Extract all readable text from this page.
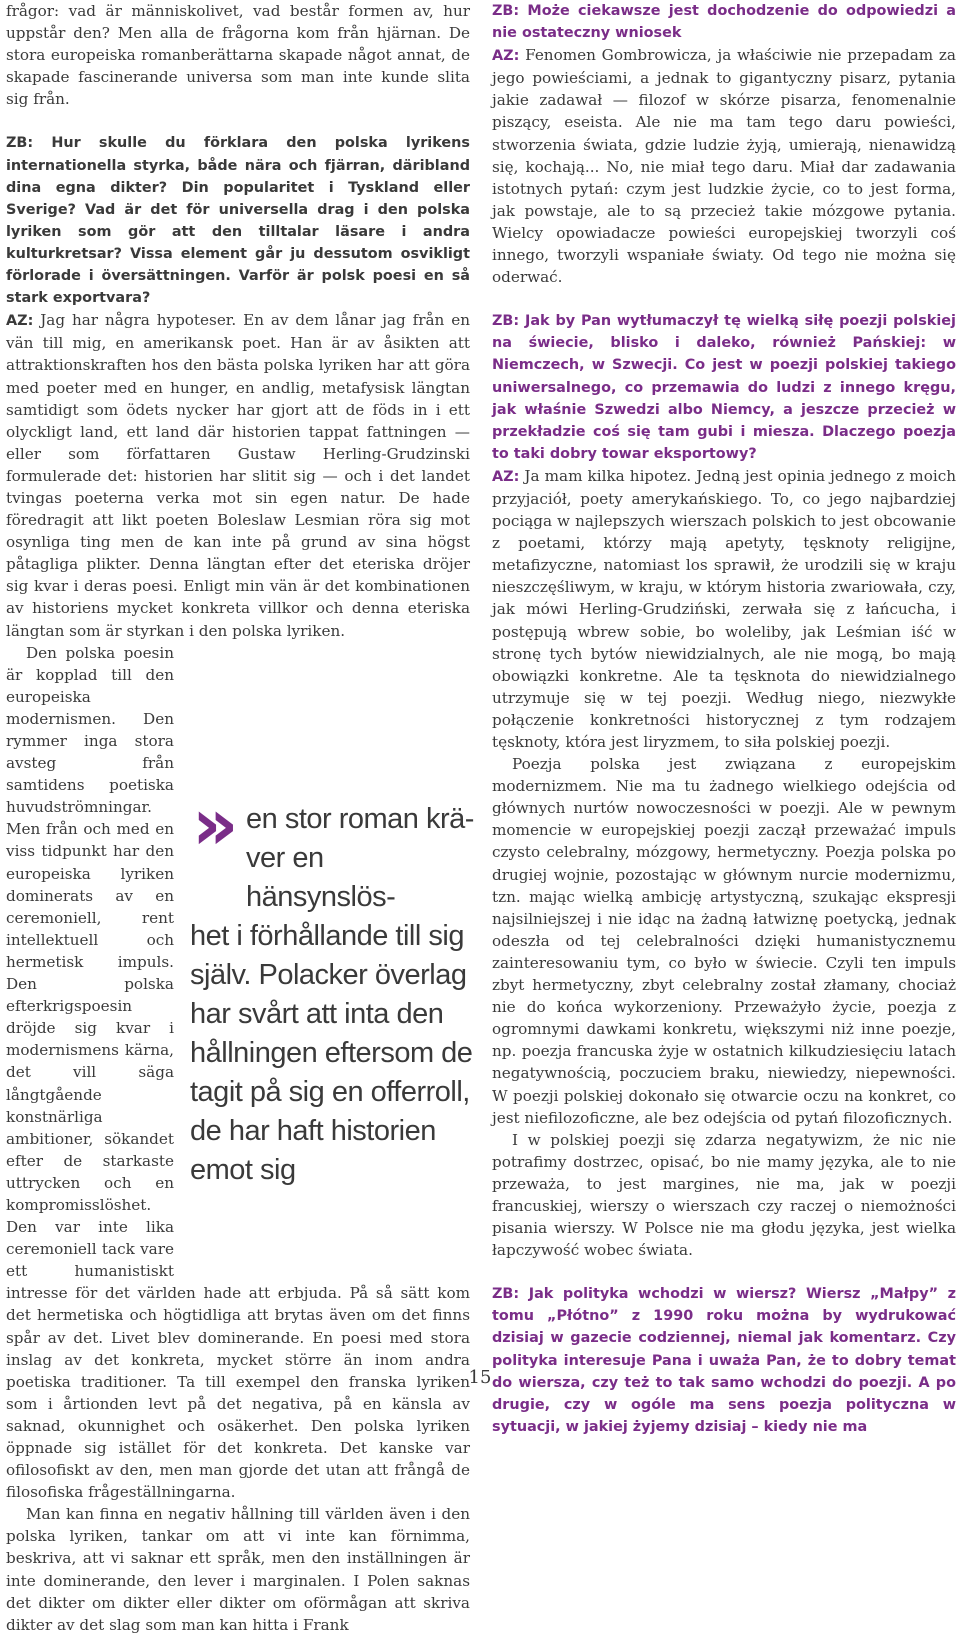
frågor: vad är människolivet, vad består formen av, hur uppstår den? Men alla de frågorna kom från hjärnan. De stora europeiska romanberättarna skapade något annat, de skapade fascinerande universa som man inte kunde slita sig från.

ZB: Hur skulle du förklara den polska lyrikens internationella styrka, både nära och fjärran, däribland dina egna dikter? Din popularitet i Tyskland eller Sverige? Vad är det för universella drag i den polska lyriken som gör att den tilltalar läsare i andra kulturkretsar? Vissa element går ju dessutom osvikligt förlorade i översättningen. Varför är polsk poesi en så stark exportvara?

AZ: Jag har några hypoteser. En av dem lånar jag från en vän till mig, en amerikansk poet. Han är av åsikten att attraktionskraften hos den bästa polska lyriken har att göra med poeter med en hunger, en andlig, metafysisk längtan samtidigt som ödets nycker har gjort att de föds in i ett olyckligt land, ett land där historien tappat fattningen — eller som författaren Gustaw Herling-Grudzinski formulerade det: historien har slitit sig — och i det landet tvingas poeterna verka mot sin egen natur. De hade föredragit att likt poeten Boleslaw Lesmian röra sig mot osynliga ting men de kan inte på grund av sina högst påtagliga plikter. Denna längtan efter det eteriska dröjer sig kvar i deras poesi. Enligt min vän är det kombinationen av historiens mycket konkreta villkor och denna eteriska längtan som är styrkan i den polska lyriken.

Den polska poesin är kopplad till den europeiska modernismen. Den rymmer inga stora avsteg från samtidens poetiska huvudströmningar. Men från och med en viss tidpunkt har den europeiska lyriken dominerats av en ceremoniell, rent intellektuell och hermetisk impuls. Den polska efterkrigspoesin dröjde sig kvar i modernismens kärna, det vill säga långtgående konstnärliga ambitioner, sökandet efter de starkaste uttrycken och en kompromisslöshet. Den var inte lika ceremoniell tack vare ett humanistiskt intresse för det världen hade att erbjuda. På så sätt kom det hermetiska och högtidliga att brytas även om det finns spår av det. Livet blev dominerande. En poesi med stora inslag av det konkreta, mycket större än inom andra poetiska traditioner. Ta till exempel den franska lyriken som i årtionden levt på det negativa, på en känsla av saknad, okunnighet och osäkerhet. Den polska lyriken öppnade sig istället för det konkreta. Det kanske var ofilosofiskt av den, men man gjorde det utan att frångå de filosofiska frågeställningarna.

Man kan finna en negativ hållning till världen även i den polska lyriken, tankar om att vi inte kan förnimma, beskriva, att vi saknar ett språk, men den inställningen är inte dominerande, den lever i marginalen. I Polen saknas det dikter om dikter eller dikter om oförmågan att skriva dikter av det slag som man kan hitta i Frank

» en stor roman krä-
ver en hänsynslös-
het i förhållande till sig själv. Polacker överlag har svårt att inta den hållningen eftersom de tagit på sig en offerroll, de har haft historien emot sig

ZB: Może ciekawsze jest dochodzenie do odpowiedzi a nie ostateczny wniosek

AZ: Fenomen Gombrowicza, ja właściwie nie przepadam za jego powieściami, a jednak to gigantyczny pisarz, pytania jakie zadawał — filozof w skórze pisarza, fenomenalnie piszący, eseista. Ale nie ma tam tego daru powieści, stworzenia świata, gdzie ludzie żyją, umierają, nienawidzą się, kochają... No, nie miał tego daru. Miał dar zadawania istotnych pytań: czym jest ludzkie życie, co to jest forma, jak powstaje, ale to są przecież takie mózgowe pytania. Wielcy opowiadacze powieści europejskiej tworzyli coś innego, tworzyli wspaniałe światy. Od tego nie można się oderwać.

ZB: Jak by Pan wytłumaczył tę wielką siłę poezji polskiej na świecie, blisko i daleko, również Pańskiej: w Niemczech, w Szwecji. Co jest w poezji polskiej takiego uniwersalnego, co przemawia do ludzi z innego kręgu, jak właśnie Szwedzi albo Niemcy, a jeszcze przecież w przekładzie coś się tam gubi i miesza. Dlaczego poezja to taki dobry towar eksportowy?

AZ: Ja mam kilka hipotez. Jedną jest opinia jednego z moich przyjaciół, poety amerykańskiego. To, co jego najbardziej pociąga w najlepszych wierszach polskich to jest obcowanie z poetami, którzy mają apetyty, tęsknoty religijne, metafizyczne, natomiast los sprawił, że urodzili się w kraju nieszczęśliwym, w kraju, w którym historia zwariowała, czy, jak mówi Herling-Grudziński, zerwała się z łańcucha, i postępują wbrew sobie, bo woleliby, jak Leśmian iść w stronę tych bytów niewidzialnych, ale nie mogą, bo mają obowiązki konkretne. Ale ta tęsknota do niewidzialnego utrzymuje się w tej poezji. Według niego, niezwykłe połączenie konkretności historycznej z tym rodzajem tęsknoty, która jest liryzmem, to siła polskiej poezji.

Poezja polska jest związana z europejskim modernizmem. Nie ma tu żadnego wielkiego odejścia od głównych nurtów nowoczesności w poezji. Ale w pewnym momencie w europejskiej poezji zaczął przeważać impuls czysto celebralny, mózgowy, hermetyczny. Poezja polska po drugiej wojnie, pozostając w głównym nurcie modernizmu, tzn. mając wielką ambicję artystyczną, szukając ekspresji najsilniejszej i nie idąc na żadną łatwiznę poetycką, jednak odeszła od tej celebralności dzięki humanistycznemu zainteresowaniu tym, co było w świecie. Czyli ten impuls zbyt hermetyczny, zbyt celebralny został złamany, chociaż nie do końca wykorzeniony. Przeważyło życie, poezja z ogromnymi dawkami konkretu, większymi niż inne poezje, np. poezja francuska żyje w ostatnich kilkudziesięciu latach negatywnością, poczuciem braku, niewiedzy, niepewności. W poezji polskiej dokonało się otwarcie oczu na konkret, co jest niefilozoficzne, ale bez odejścia od pytań filozoficznych.

I w polskiej poezji się zdarza negatywizm, że nic nie potrafimy dostrzec, opisać, bo nie mamy języka, ale to nie przeważa, to jest margines, nie ma, jak w poezji francuskiej, wierszy o wierszach czy raczej o niemożności pisania wierszy. W Polsce nie ma głodu języka, jest wielka łapczywość wobec świata.

ZB: Jak polityka wchodzi w wiersz? Wiersz „Małpy” z tomu „Płótno” z 1990 roku można by wydrukować dzisiaj w gazecie codziennej, niemal jak komentarz. Czy polityka interesuje Pana i uważa Pan, że to dobry temat do wiersza, czy też to tak samo wchodzi do poezji. A po drugie, czy w ogóle ma sens poezja polityczna w sytuacji, w jakiej żyjemy dzisiaj – kiedy nie ma

15
